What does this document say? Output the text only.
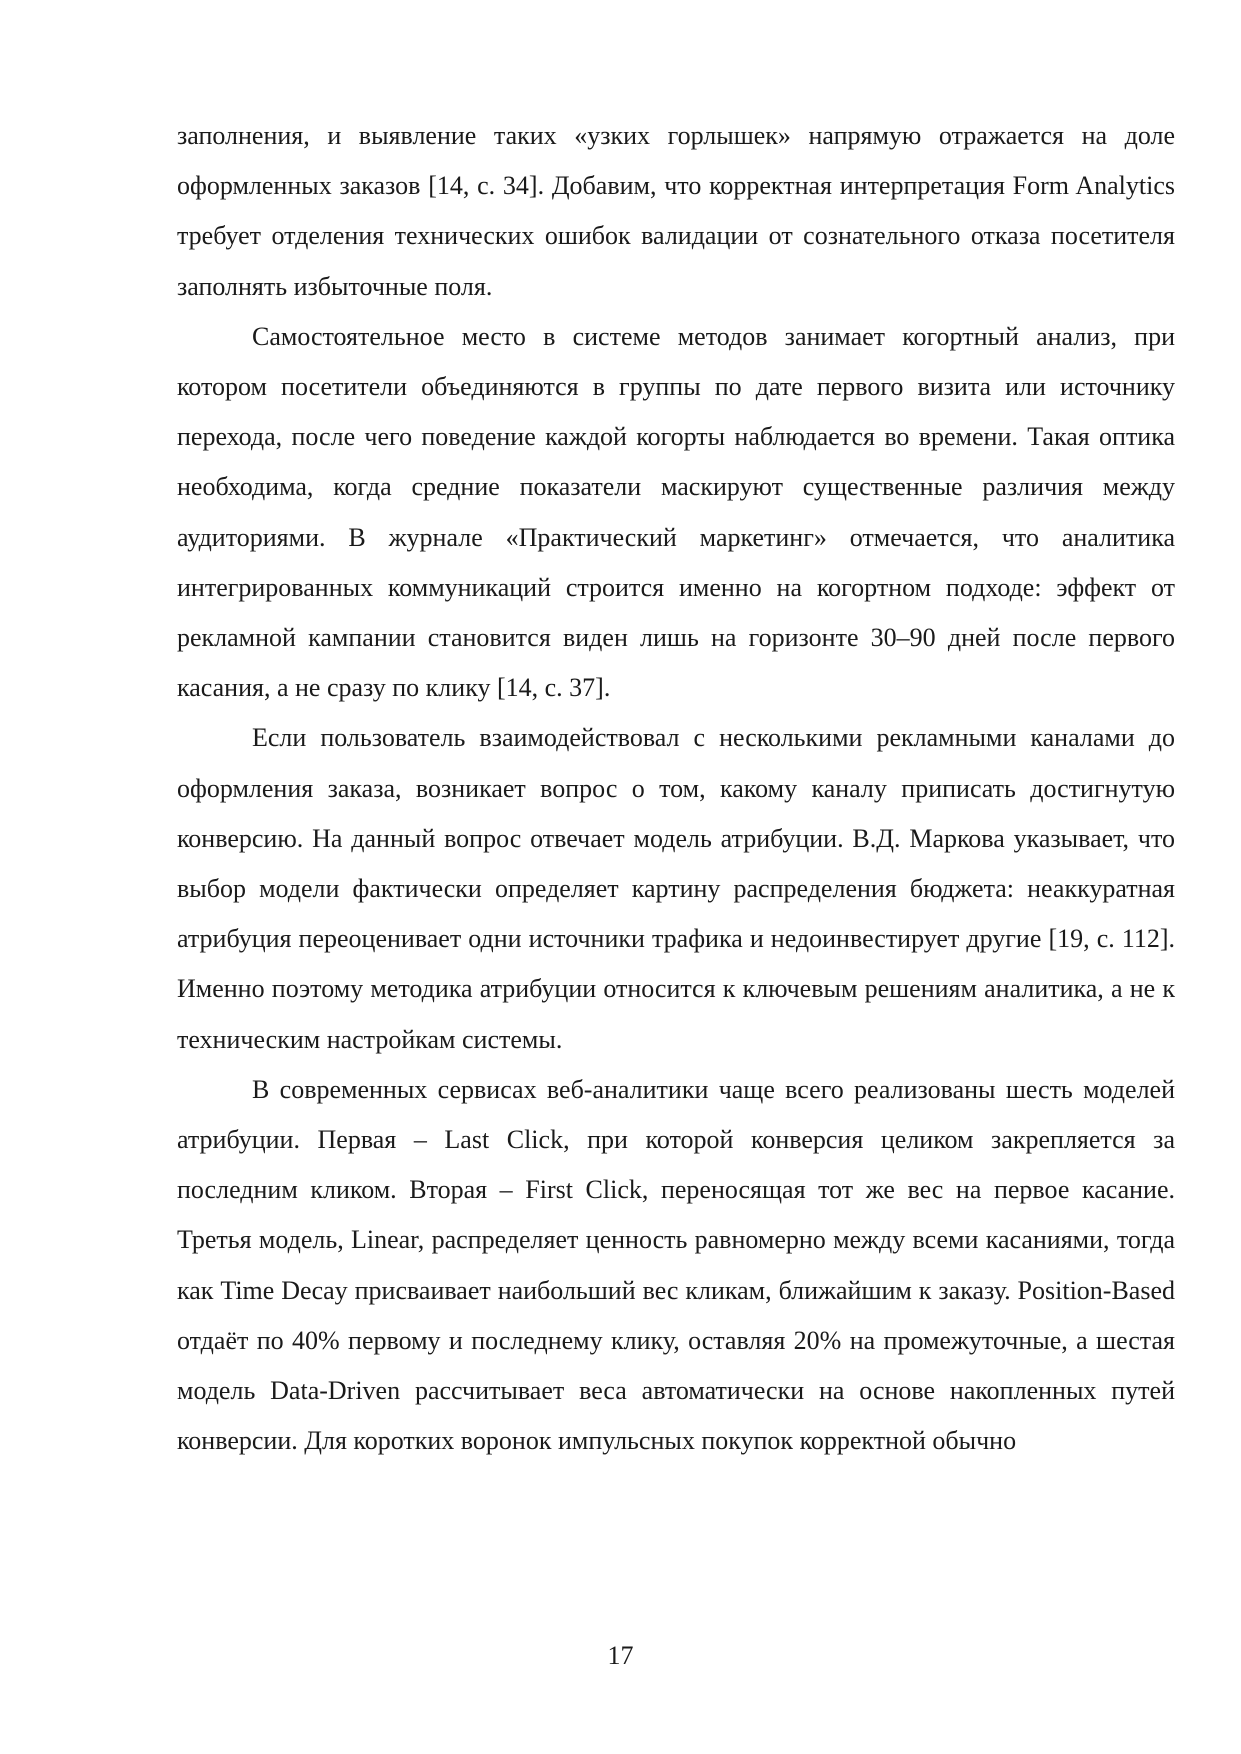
заполнения, и выявление таких «узких горлышек» напрямую отражается на доле оформленных заказов [14, с. 34]. Добавим, что корректная интерпретация Form Analytics требует отделения технических ошибок валидации от сознательного отказа посетителя заполнять избыточные поля.

Самостоятельное место в системе методов занимает когортный анализ, при котором посетители объединяются в группы по дате первого визита или источнику перехода, после чего поведение каждой когорты наблюдается во времени. Такая оптика необходима, когда средние показатели маскируют существенные различия между аудиториями. В журнале «Практический маркетинг» отмечается, что аналитика интегрированных коммуникаций строится именно на когортном подходе: эффект от рекламной кампании становится виден лишь на горизонте 30–90 дней после первого касания, а не сразу по клику [14, с. 37].

Если пользователь взаимодействовал с несколькими рекламными каналами до оформления заказа, возникает вопрос о том, какому каналу приписать достигнутую конверсию. На данный вопрос отвечает модель атрибуции. В.Д. Маркова указывает, что выбор модели фактически определяет картину распределения бюджета: неаккуратная атрибуция переоценивает одни источники трафика и недоинвестирует другие [19, с. 112]. Именно поэтому методика атрибуции относится к ключевым решениям аналитика, а не к техническим настройкам системы.

В современных сервисах веб-аналитики чаще всего реализованы шесть моделей атрибуции. Первая – Last Click, при которой конверсия целиком закрепляется за последним кликом. Вторая – First Click, переносящая тот же вес на первое касание. Третья модель, Linear, распределяет ценность равномерно между всеми касаниями, тогда как Time Decay присваивает наибольший вес кликам, ближайшим к заказу. Position-Based отдаёт по 40% первому и последнему клику, оставляя 20% на промежуточные, а шестая модель Data-Driven рассчитывает веса автоматически на основе накопленных путей конверсии. Для коротких воронок импульсных покупок корректной обычно

17
